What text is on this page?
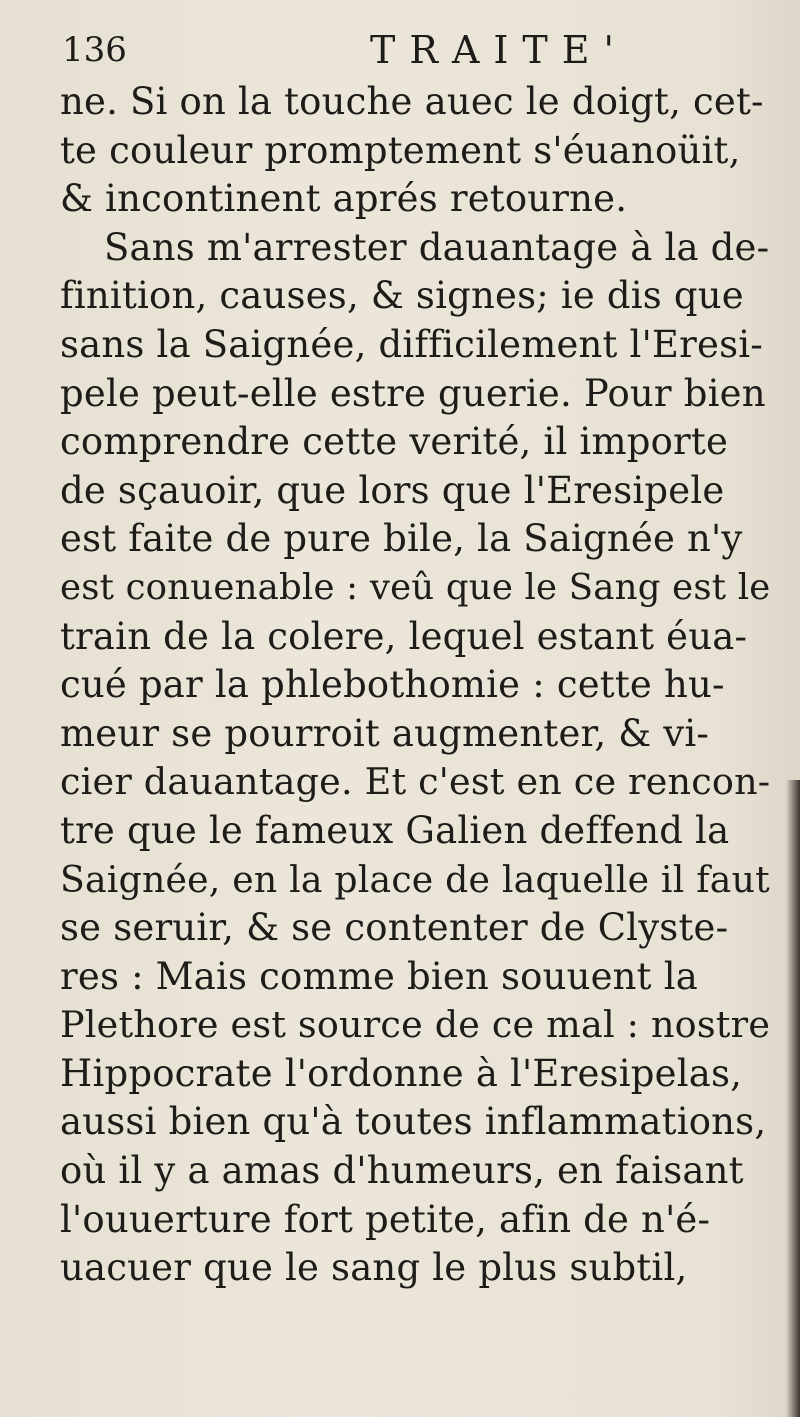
136	TRAITE'
ne. Si on la touche auec le doigt, cet-
te couleur promptement s'éuanoüit,
& incontinent aprés retourne.
Sans m'arrester dauantage à la de-
finition, causes, & signes; ie dis que
sans la Saignée, difficilement l'Eresi-
pele peut-elle estre guerie. Pour bien
comprendre cette verité, il importe
de sçauoir, que lors que l'Eresipele
est faite de pure bile, la Saignée n'y
est conuenable : veû que le Sang est le
train de la colere, lequel estant éua-
cué par la phlebothomie : cette hu-
meur se pourroit augmenter, & vi-
cier dauantage. Et c'est en ce rencon-
tre que le fameux Galien deffend la
Saignée, en la place de laquelle il faut
se seruir, & se contenter de Clyste-
res : Mais comme bien souuent la
Plethore est source de ce mal : nostre
Hippocrate l'ordonne à l'Eresipelas,
aussi bien qu'à toutes inflammations,
où il y a amas d'humeurs, en faisant
l'ouuerture fort petite, afin de n'é-
uacuer que le sang le plus subtil,
